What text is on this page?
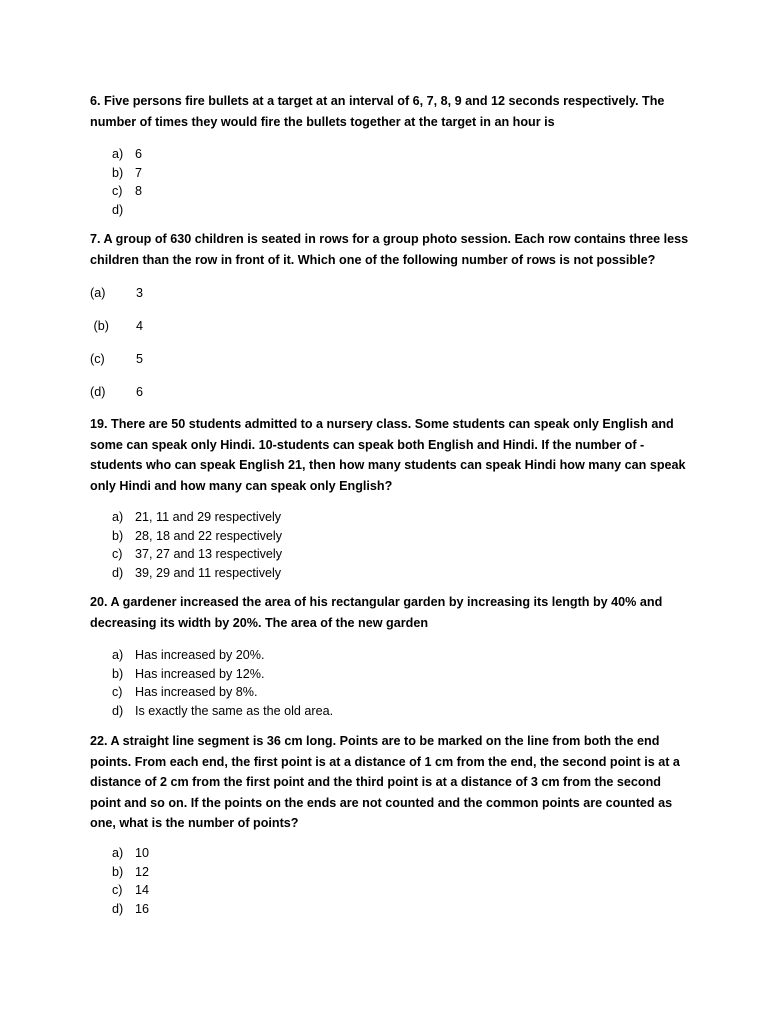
6. Five persons fire bullets at a target at an interval of 6, 7, 8, 9 and 12 seconds respectively. The number of times they would fire the bullets together at the target in an hour is

a) 6
b) 7
c) 8
d)

7. A group of 630 children is seated in rows for a group photo session. Each row contains three less children than the row in front of it. Which one of the following number of rows is not possible?

(a) 3
(b) 4
(c) 5
(d) 6

19. There are 50 students admitted to a nursery class. Some students can speak only English and some can speak only Hindi. 10-students can speak both English and Hindi. If the number of -students who can speak English 21, then how many students can speak Hindi how many can speak only Hindi and how many can speak only English?

a) 21, 11 and 29 respectively
b) 28, 18 and 22 respectively
c) 37, 27 and 13 respectively
d) 39, 29 and 11 respectively

20. A gardener increased the area of his rectangular garden by increasing its length by 40% and decreasing its width by 20%. The area of the new garden

a) Has increased by 20%.
b) Has increased by 12%.
c) Has increased by 8%.
d) Is exactly the same as the old area.

22. A straight line segment is 36 cm long. Points are to be marked on the line from both the end points. From each end, the first point is at a distance of 1 cm from the end, the second point is at a distance of 2 cm from the first point and the third point is at a distance of 3 cm from the second point and so on. If the points on the ends are not counted and the common points are counted as one, what is the number of points?

a) 10
b) 12
c) 14
d) 16
